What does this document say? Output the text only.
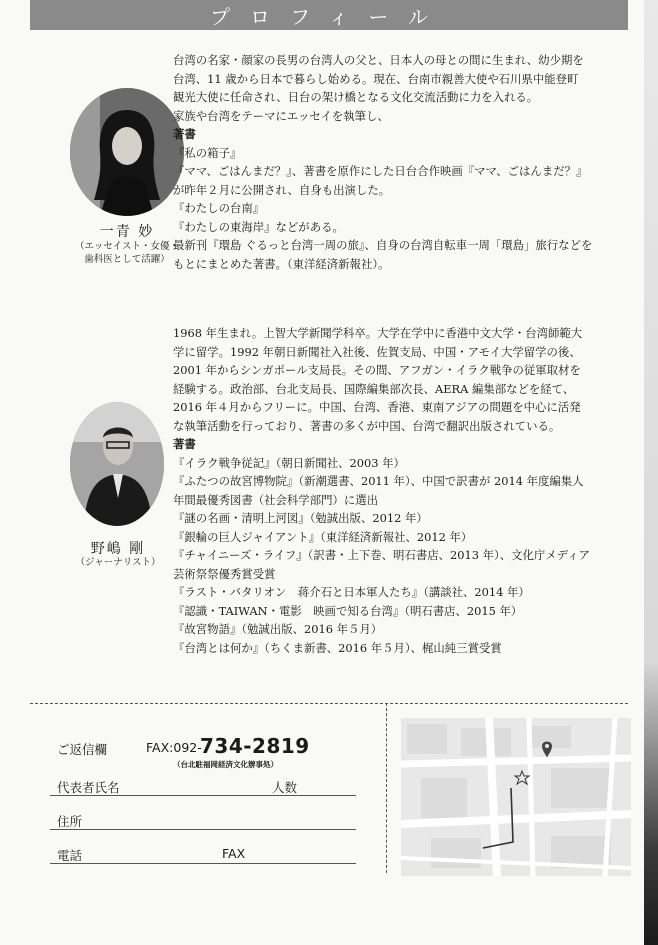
プロフィール
一青 妙
（エッセイスト・女優・
歯科医として活躍）

台湾の名家・顔家の長男の台湾人の父と、日本人の母との間に生まれ、幼少期を

台湾、11 歳から日本で暮らし始める。現在、台南市親善大使や石川県中能登町

観光大使に任命され、日台の架け橋となる文化交流活動に力を入れる。

家族や台湾をテーマにエッセイを執筆し、

著書

『私の箱子』

『ママ、ごはんまだ？』、著書を原作にした日台合作映画『ママ、ごはんまだ？』

が昨年２月に公開され、自身も出演した。

『わたしの台南』

『わたしの東海岸』などがある。

最新刊『環島 ぐるっと台湾一周の旅』、自身の台湾自転車一周「環島」旅行などを

もとにまとめた著書。（東洋経済新報社）。

野嶋 剛
（ジャーナリスト）

1968 年生まれ。上智大学新聞学科卒。大学在学中に香港中文大学・台湾師範大

学に留学。1992 年朝日新聞社入社後、佐賀支局、中国・アモイ大学留学の後、

2001 年からシンガポール支局長。その間、アフガン・イラク戦争の従軍取材を

経験する。政治部、台北支局長、国際編集部次長、AERA 編集部などを経て、

2016 年４月からフリーに。中国、台湾、香港、東南アジアの問題を中心に活発

な執筆活動を行っており、著書の多くが中国、台湾で翻訳出版されている。

著書

『イラク戦争従記』（朝日新聞社、2003 年）

『ふたつの故宮博物院』（新潮選書、2011 年）、中国で訳書が 2014 年度編集人

年間最優秀図書（社会科学部門）に選出

『謎の名画・清明上河図』（勉誠出版、2012 年）

『銀輪の巨人ジャイアント』（東洋経済新報社、2012 年）

『チャイニーズ・ライフ』（訳書・上下巻、明石書店、2013 年）、文化庁メディア

芸術祭祭優秀賞受賞

『ラスト・バタリオン　蒋介石と日本軍人たち』（講談社、2014 年）

『認識・TAIWAN・電影　映画で知る台湾』（明石書店、2015 年）

『故宮物語』（勉誠出版、2016 年５月）

『台湾とは何か』（ちくま新書、2016 年５月）、梶山純三賞受賞

ご返信欄	FAX:092-
734-2819
（台北駐福岡経済文化辦事処）
代表者氏名	人数
住所
電話	FAX
